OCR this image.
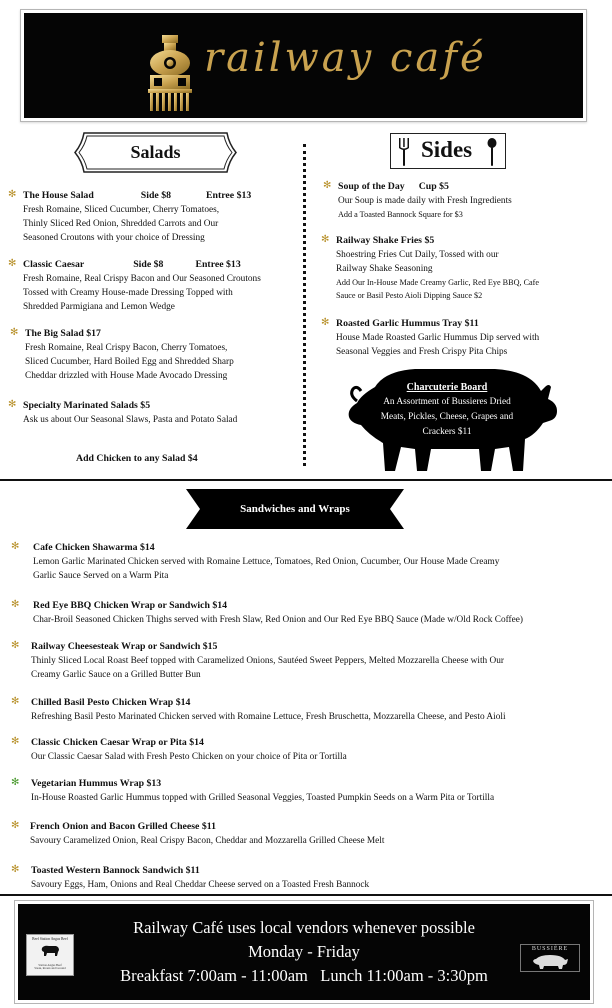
railway café
Salads	Sides
✻ The House Salad	Side $8	Entree $13
Fresh Romaine, Sliced Cucumber, Cherry Tomatoes,
Thinly Sliced Red Onion, Shredded Carrots and Our
Seasoned Croutons with your choice of Dressing
✻ Classic Caesar	Side $8	Entree $13
Fresh Romaine, Real Crispy Bacon and Our Seasoned Croutons
Tossed with Creamy House-made Dressing Topped with
Shredded Parmigiana and Lemon Wedge
✻ The Big Salad $17
Fresh Romaine, Real Crispy Bacon, Cherry Tomatoes,
Sliced Cucumber, Hard Boiled Egg and Shredded Sharp
Cheddar drizzled with House Made Avocado Dressing
✻ Specialty Marinated Salads $5
Ask us about Our Seasonal Slaws, Pasta and Potato Salad
Add Chicken to any Salad $4
✻ Soup of the Day Cup $5
Our Soup is made daily with Fresh Ingredients
Add a Toasted Bannock Square for $3
✻ Railway Shake Fries $5
Shoestring Fries Cut Daily, Tossed with our
Railway Shake Seasoning
Add Our In-House Made Creamy Garlic, Red Eye BBQ, Cafe
Sauce or Basil Pesto Aioli Dipping Sauce $2
✻ Roasted Garlic Hummus Tray $11
House Made Roasted Garlic Hummus Dip served with
Seasonal Veggies and Fresh Crispy Pita Chips
Charcuterie Board
An Assortment of Bussieres Dried
Meats, Pickles, Cheese, Grapes and
Crackers $11
Sandwiches and Wraps
✻ Cafe Chicken Shawarma $14
Lemon Garlic Marinated Chicken served with Romaine Lettuce, Tomatoes, Red Onion, Cucumber, Our House Made Creamy
Garlic Sauce Served on a Warm Pita
✻ Red Eye BBQ Chicken Wrap or Sandwich $14
Char-Broil Seasoned Chicken Thighs served with Fresh Slaw, Red Onion and Our Red Eye BBQ Sauce (Made w/Old Rock Coffee)
✻ Railway Cheesesteak Wrap or Sandwich $15
Thinly Sliced Local Roast Beef topped with Caramelized Onions, Sautéed Sweet Peppers, Melted Mozzarella Cheese with Our
Creamy Garlic Sauce on a Grilled Butter Bun
✻ Chilled Basil Pesto Chicken Wrap $14
Refreshing Basil Pesto Marinated Chicken served with Romaine Lettuce, Fresh Bruschetta, Mozzarella Cheese, and Pesto Aioli
✻ Classic Chicken Caesar Wrap or Pita $14
Our Classic Caesar Salad with Fresh Pesto Chicken on your choice of Pita or Tortilla
✻ Vegetarian Hummus Wrap $13
In-House Roasted Garlic Hummus topped with Grilled Seasonal Veggies, Toasted Pumpkin Seeds on a Warm Pita or Tortilla
✻ French Onion and Bacon Grilled Cheese $11
Savoury Caramelized Onion, Real Crispy Bacon, Cheddar and Mozzarella Grilled Cheese Melt
✻ Toasted Western Bannock Sandwich $11
Savoury Eggs, Ham, Onions and Real Cheddar Cheese served on a Toasted Fresh Bannock
Beef Station Angus Beef
Station Angus Beef
Steak, Roasts and Ground
Railway Café uses local vendors whenever possible
Monday - Friday
Breakfast 7:00am - 11:00am   Lunch 11:00am - 3:30pm
BUSSIÈRE
